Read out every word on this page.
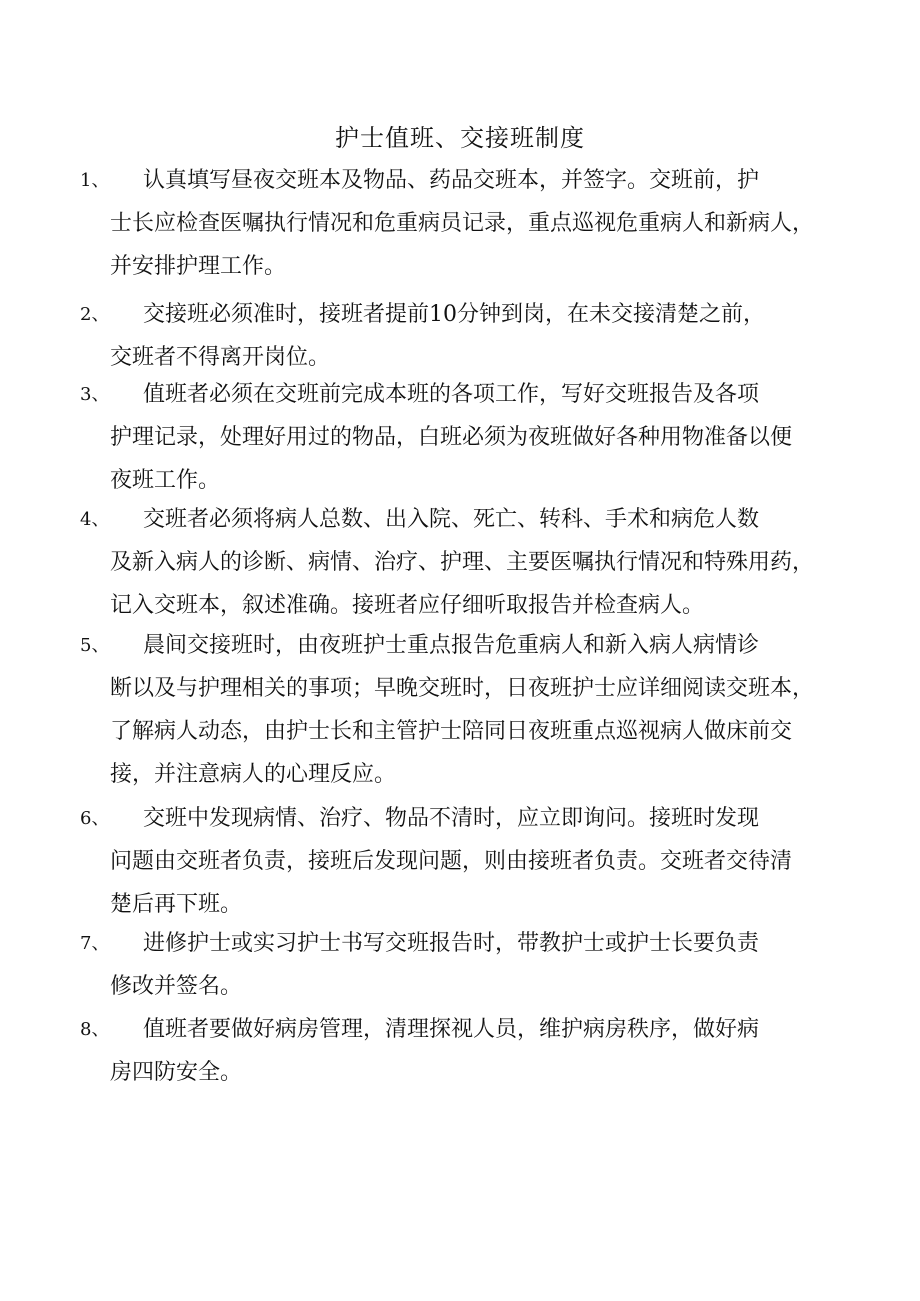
护士值班、交接班制度
1、 认真填写昼夜交班本及物品、药品交班本，并签字。交班前，护
士长应检查医嘱执行情况和危重病员记录，重点巡视危重病人和新病人，
并安排护理工作。
2、 交接班必须准时，接班者提前10分钟到岗，在未交接清楚之前，
交班者不得离开岗位。
3、 值班者必须在交班前完成本班的各项工作，写好交班报告及各项
护理记录，处理好用过的物品，白班必须为夜班做好各种用物准备以便
夜班工作。
4、 交班者必须将病人总数、出入院、死亡、转科、手术和病危人数
及新入病人的诊断、病情、治疗、护理、主要医嘱执行情况和特殊用药，
记入交班本，叙述准确。接班者应仔细听取报告并检查病人。
5、 晨间交接班时，由夜班护士重点报告危重病人和新入病人病情诊
断以及与护理相关的事项；早晚交班时，日夜班护士应详细阅读交班本，
了解病人动态，由护士长和主管护士陪同日夜班重点巡视病人做床前交
接，并注意病人的心理反应。
6、 交班中发现病情、治疗、物品不清时，应立即询问。接班时发现
问题由交班者负责，接班后发现问题，则由接班者负责。交班者交待清
楚后再下班。
7、 进修护士或实习护士书写交班报告时，带教护士或护士长要负责
修改并签名。
8、 值班者要做好病房管理，清理探视人员，维护病房秩序，做好病
房四防安全。
